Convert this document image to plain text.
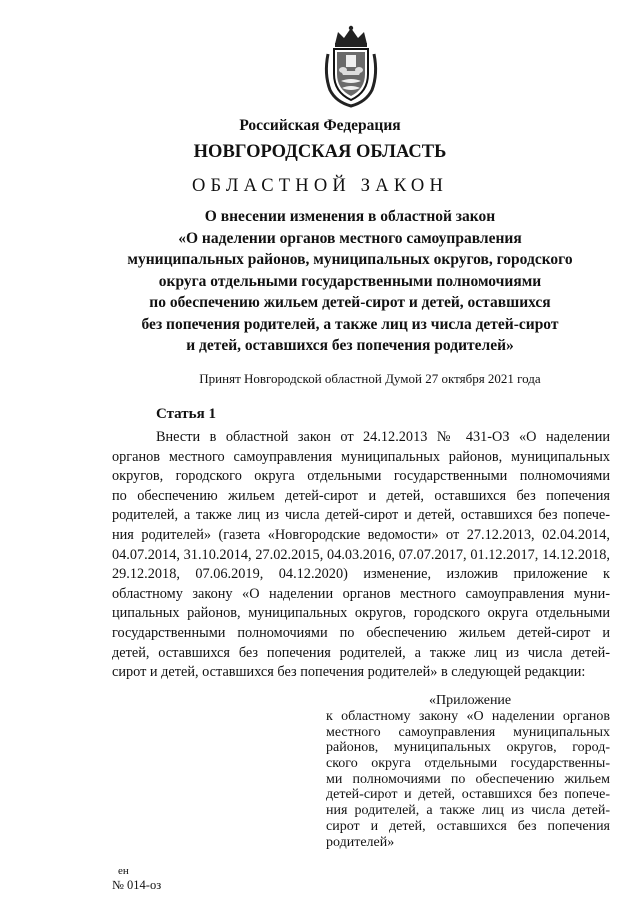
Российская Федерация
НОВГОРОДСКАЯ ОБЛАСТЬ
ОБЛАСТНОЙ ЗАКОН
О внесении изменения в областной закон
«О наделении органов местного самоуправления
муниципальных районов, муниципальных округов, городского
округа отдельными государственными полномочиями
по обеспечению жильем детей-сирот и детей, оставшихся
без попечения родителей, а также лиц из числа детей-сирот
и детей, оставшихся без попечения родителей»
Принят Новгородской областной Думой 27 октября 2021 года
Статья 1
Внести в областной закон от 24.12.2013 № 431-ОЗ «О наделении
органов местного самоуправления муниципальных районов, муниципальных
округов, городского округа отдельными государственными полномочиями
по обеспечению жильем детей-сирот и детей, оставшихся без попечения
родителей, а также лиц из числа детей-сирот и детей, оставшихся без попече-
ния родителей» (газета «Новгородские ведомости» от 27.12.2013, 02.04.2014,
04.07.2014, 31.10.2014, 27.02.2015, 04.03.2016, 07.07.2017, 01.12.2017, 14.12.2018,
29.12.2018, 07.06.2019, 04.12.2020) изменение, изложив приложение к
областному закону «О наделении органов местного самоуправления муни-
ципальных районов, муниципальных округов, городского округа отдельными
государственными полномочиями по обеспечению жильем детей-сирот и
детей, оставшихся без попечения родителей, а также лиц из числа детей-
сирот и детей, оставшихся без попечения родителей» в следующей редакции:
«Приложение
к областному закону «О наделении органов
местного самоуправления муниципальных
районов, муниципальных округов, город-
ского округа отдельными государственны-
ми полномочиями по обеспечению жильем
детей-сирот и детей, оставшихся без попече-
ния родителей, а также лиц из числа детей-
сирот и детей, оставшихся без попечения
родителей»
ен
№ 014-оз
